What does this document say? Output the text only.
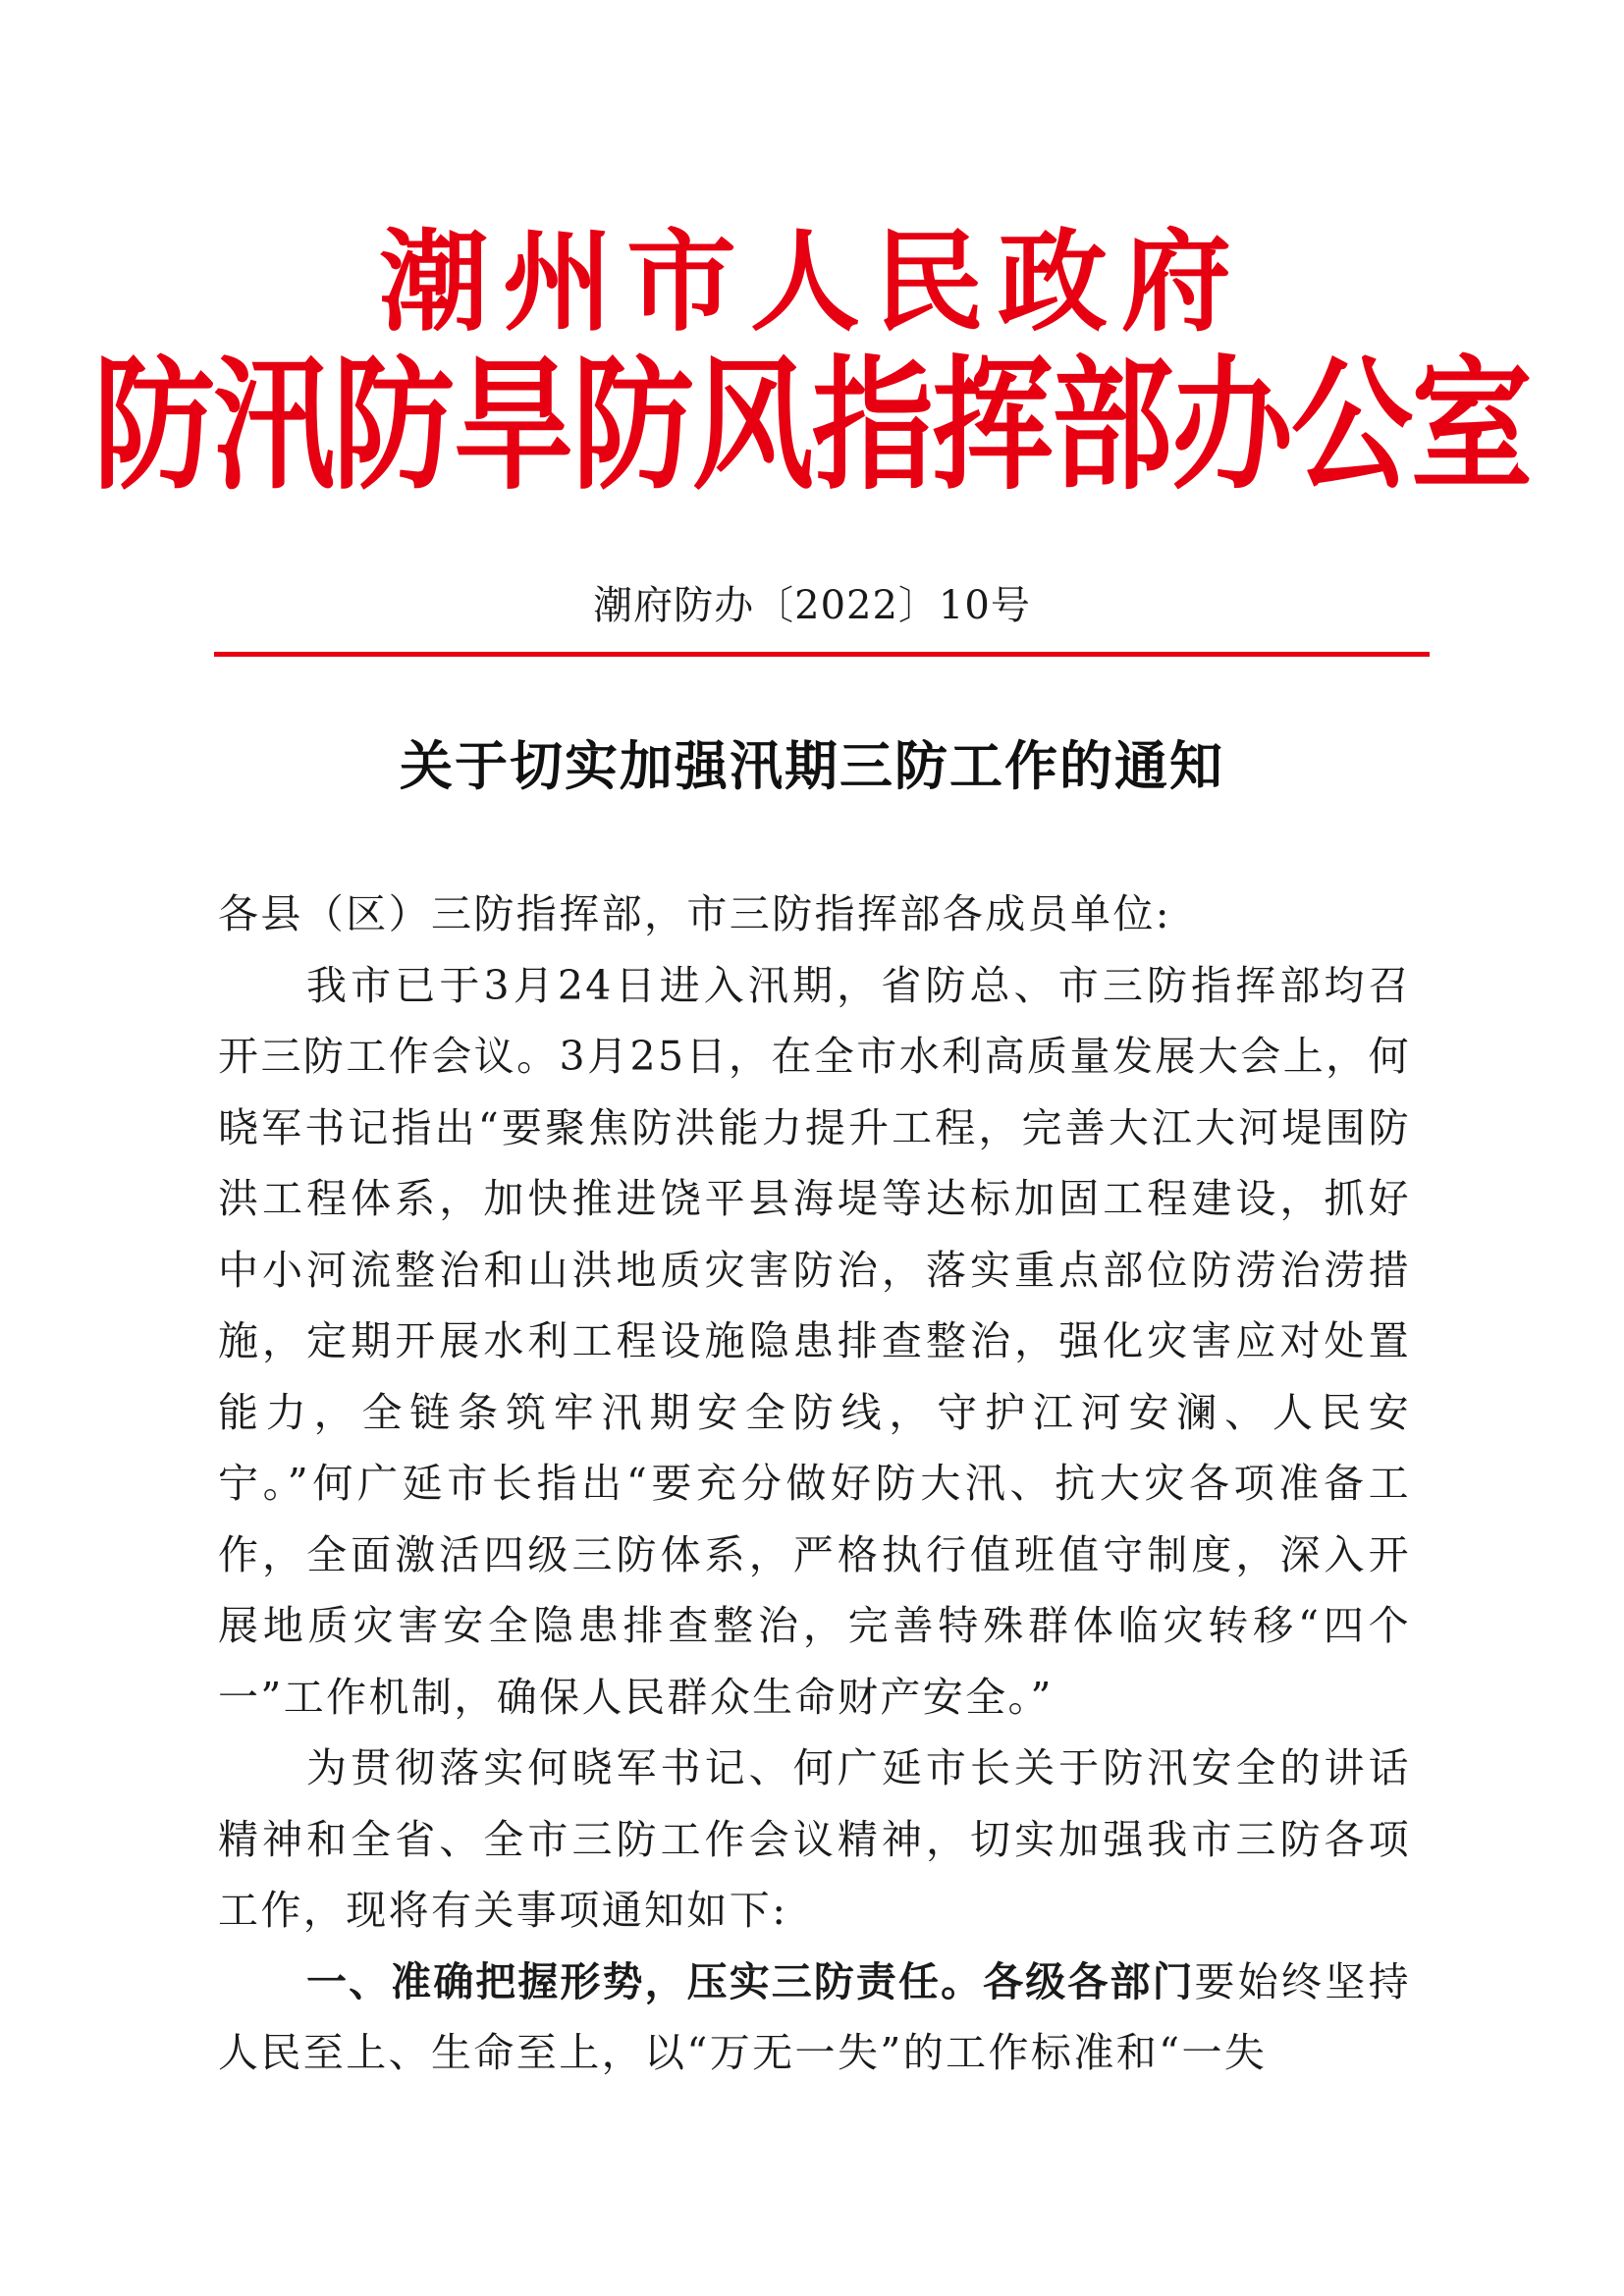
潮州市人民政府
防汛防旱防风指挥部办公室
潮府防办〔2022〕10号
关于切实加强汛期三防工作的通知

各县（区）三防指挥部，市三防指挥部各成员单位:

我市已于3月24日进入汛期，省防总、市三防指挥部均召开三防工作会议。3月25日，在全市水利高质量发展大会上，何晓军书记指出“要聚焦防洪能力提升工程，完善大江大河堤围防洪工程体系，加快推进饶平县海堤等达标加固工程建设，抓好中小河流整治和山洪地质灾害防治，落实重点部位防涝治涝措施，定期开展水利工程设施隐患排查整治，强化灾害应对处置能力，全链条筑牢汛期安全防线，守护江河安澜、人民安宁。”何广延市长指出“要充分做好防大汛、抗大灾各项准备工作，全面激活四级三防体系，严格执行值班值守制度，深入开展地质灾害安全隐患排查整治，完善特殊群体临灾转移“四个一”工作机制，确保人民群众生命财产安全。”

为贯彻落实何晓军书记、何广延市长关于防汛安全的讲话精神和全省、全市三防工作会议精神，切实加强我市三防各项工作，现将有关事项通知如下:

一、准确把握形势，压实三防责任。各级各部门要始终坚持人民至上、生命至上，以“万无一失”的工作标准和“一失
